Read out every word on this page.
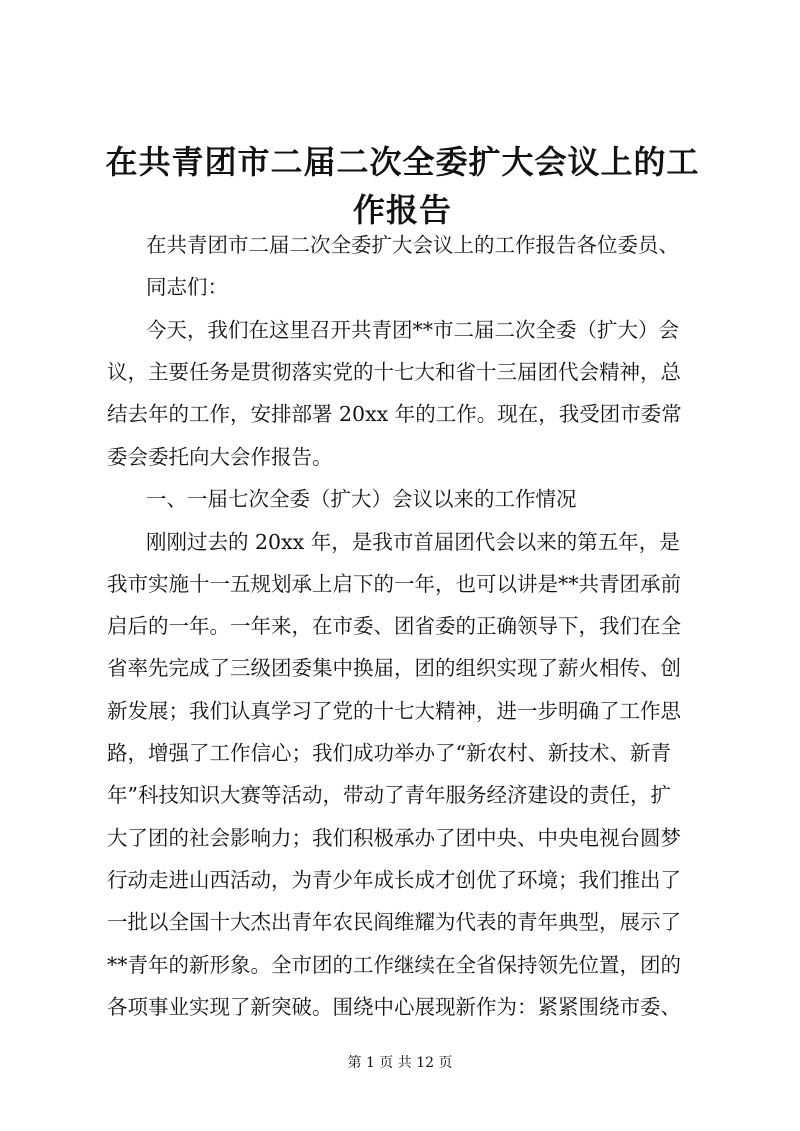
在共青团市二届二次全委扩大会议上的工作报告

在共青团市二届二次全委扩大会议上的工作报告各位委员、

同志们：

今天，我们在这里召开共青团**市二届二次全委（扩大）会

议，主要任务是贯彻落实党的十七大和省十三届团代会精神，总

结去年的工作，安排部署 20xx 年的工作。现在，我受团市委常

委会委托向大会作报告。

一、一届七次全委（扩大）会议以来的工作情况

刚刚过去的 20xx 年，是我市首届团代会以来的第五年，是

我市实施十一五规划承上启下的一年，也可以讲是**共青团承前

启后的一年。一年来，在市委、团省委的正确领导下，我们在全

省率先完成了三级团委集中换届，团的组织实现了薪火相传、创

新发展；我们认真学习了党的十七大精神，进一步明确了工作思

路，增强了工作信心；我们成功举办了“新农村、新技术、新青

年”科技知识大赛等活动，带动了青年服务经济建设的责任，扩

大了团的社会影响力；我们积极承办了团中央、中央电视台圆梦

行动走进山西活动，为青少年成长成才创优了环境；我们推出了

一批以全国十大杰出青年农民阎维耀为代表的青年典型，展示了

**青年的新形象。全市团的工作继续在全省保持领先位置，团的

各项事业实现了新突破。围绕中心展现新作为：紧紧围绕市委、

第 1 页 共 12 页
